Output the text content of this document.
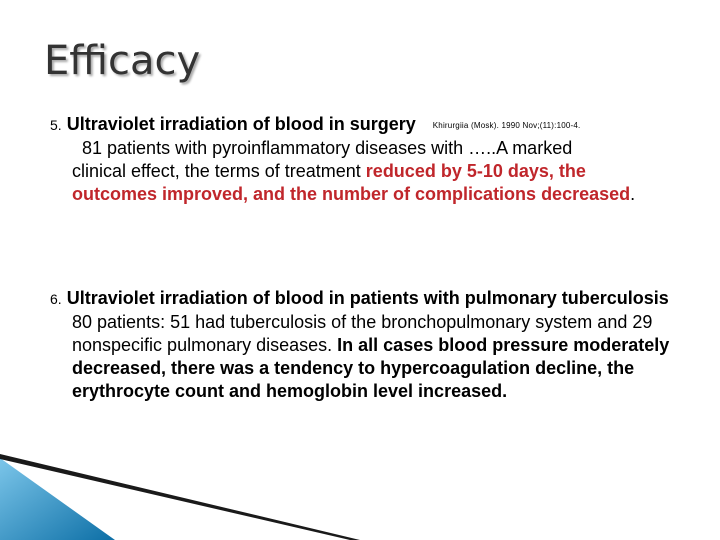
Efficacy
5. Ultraviolet irradiation of blood in surgery Khirurgiia (Mosk). 1990 Nov;(11):100-4.
81 patients with pyroinflammatory diseases with …..A marked
clinical effect, the terms of treatment reduced by 5-10 days, the outcomes improved, and the number of complications decreased.
6. Ultraviolet irradiation of blood in patients with pulmonary tuberculosis
80 patients: 51 had tuberculosis of the bronchopulmonary system and 29 nonspecific pulmonary diseases. In all cases blood pressure moderately decreased, there was a tendency to hypercoagulation decline, the erythrocyte count and hemoglobin level increased.
